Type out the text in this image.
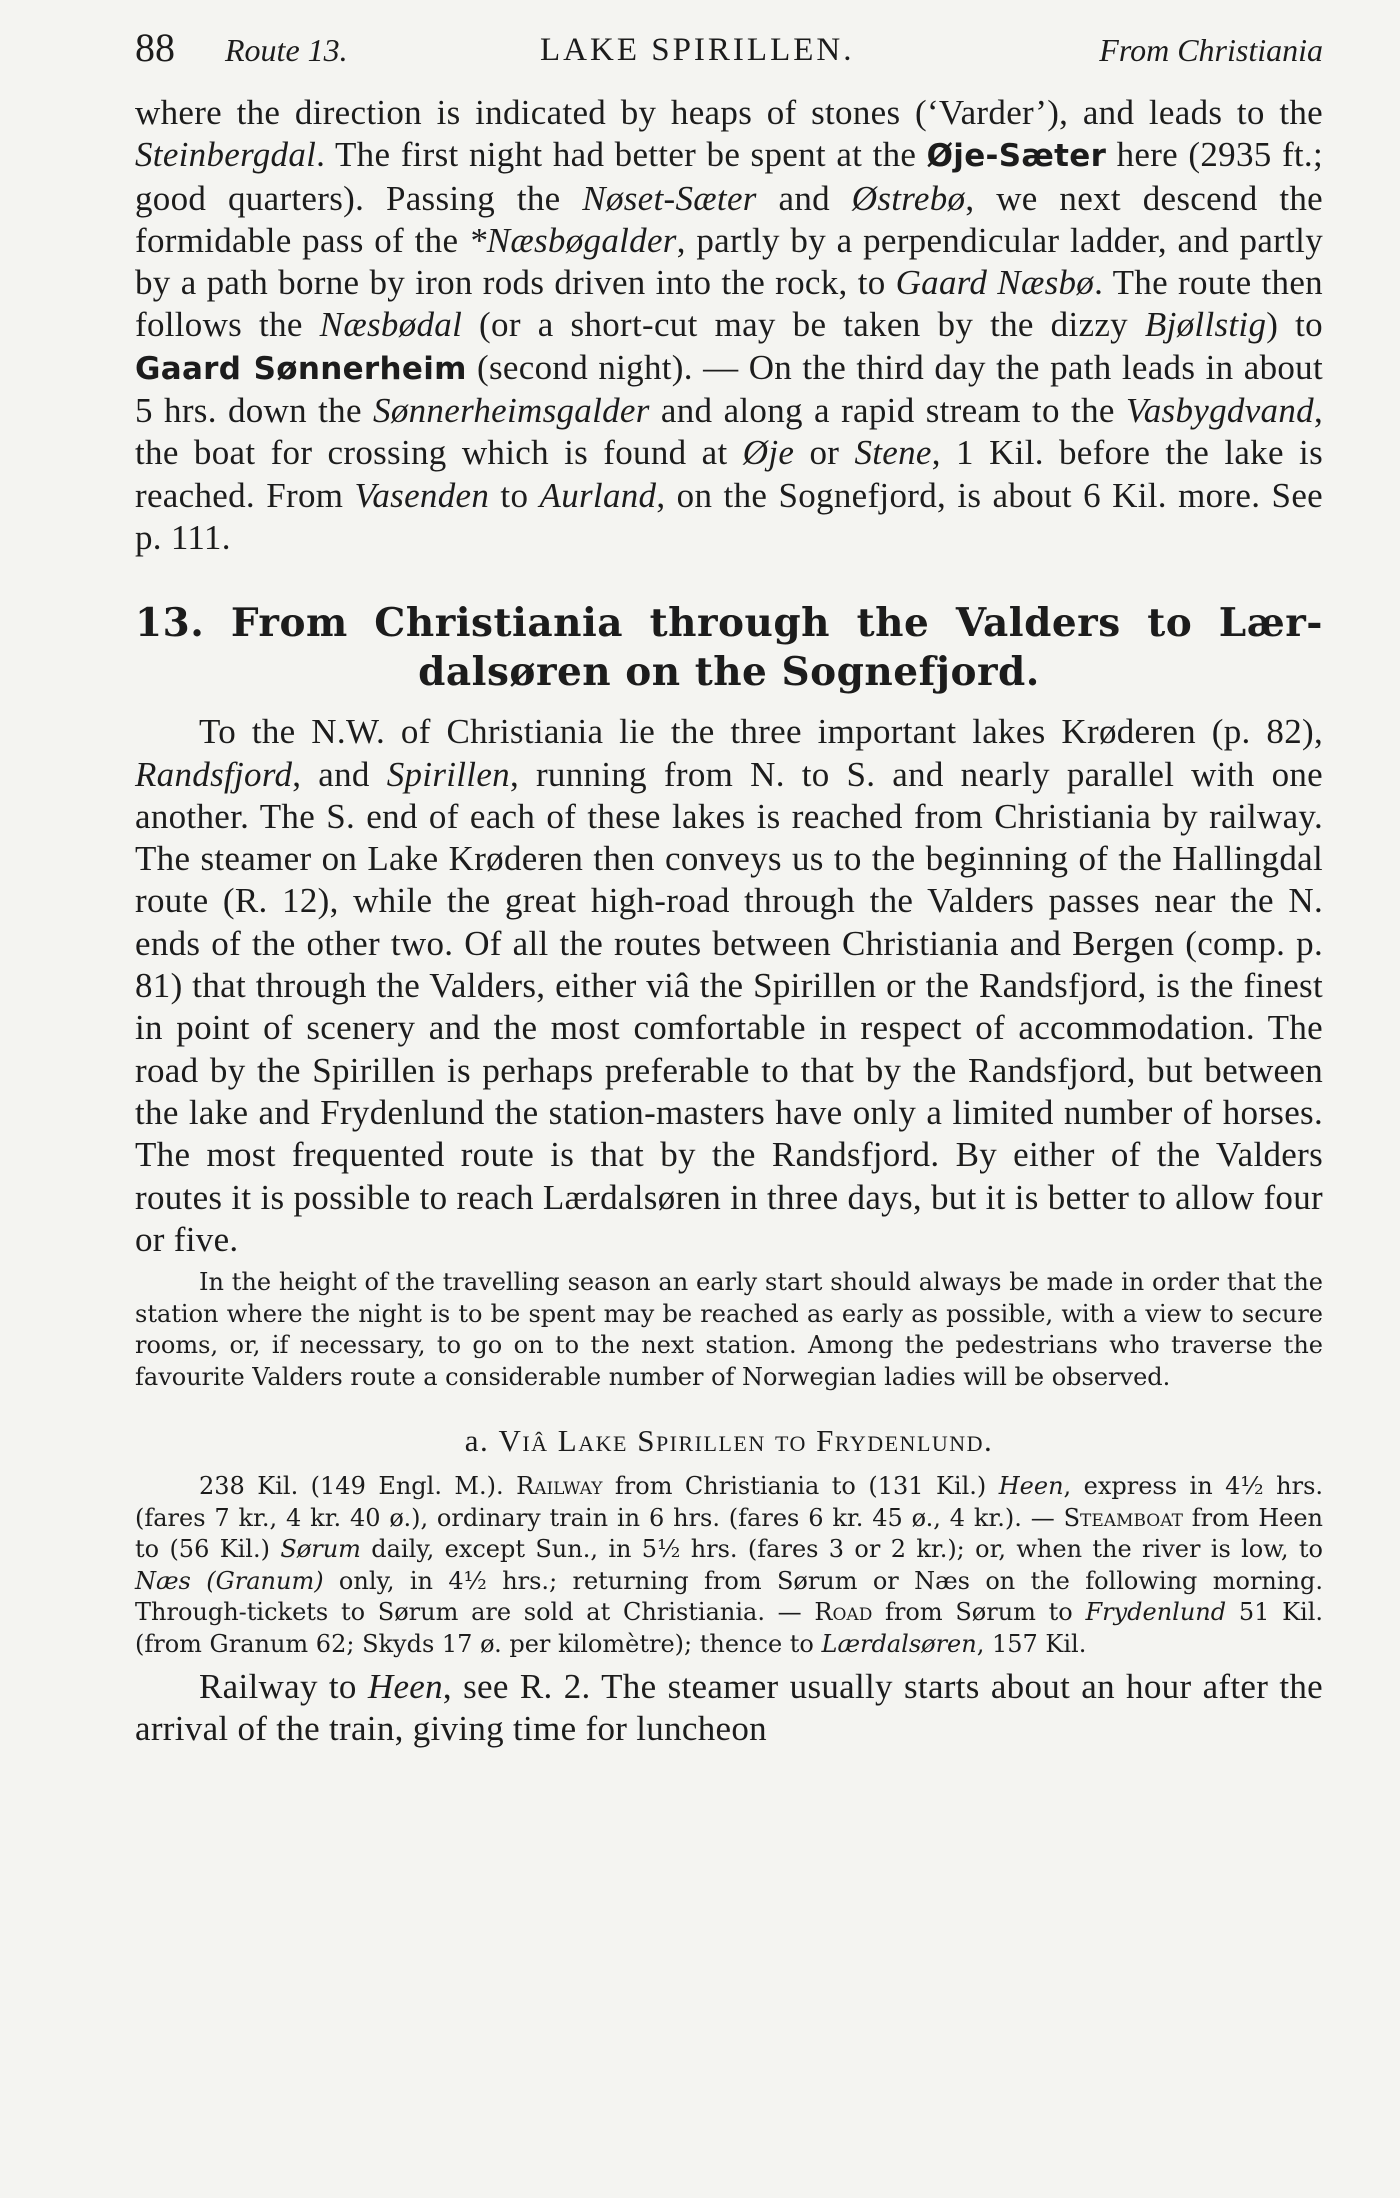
88 Route 13.	LAKE SPIRILLEN.	From Christiania

where the direction is indicated by heaps of stones (‘Varder’), and leads to the Steinbergdal. The first night had better be spent at the Øje-Sæter here (2935 ft.; good quarters). Passing the Nøset-Sæter and Østrebø, we next descend the formidable pass of the *Næsbøgalder, partly by a perpendicular ladder, and partly by a path borne by iron rods driven into the rock, to Gaard Næsbø. The route then follows the Næsbødal (or a short-cut may be taken by the dizzy Bjøllstig) to Gaard Sønnerheim (second night). — On the third day the path leads in about 5 hrs. down the Sønnerheimsgalder and along a rapid stream to the Vasbygdvand, the boat for crossing which is found at Øje or Stene, 1 Kil. before the lake is reached. From Vasenden to Aurland, on the Sognefjord, is about 6 Kil. more. See p. 111.

13. From Christiania through the Valders to Lær-
dalsøren on the Sognefjord.

To the N.W. of Christiania lie the three important lakes Krøderen (p. 82), Randsfjord, and Spirillen, running from N. to S. and nearly parallel with one another. The S. end of each of these lakes is reached from Christiania by railway. The steamer on Lake Krøderen then conveys us to the beginning of the Hallingdal route (R. 12), while the great high-road through the Valders passes near the N. ends of the other two. Of all the routes between Christiania and Bergen (comp. p. 81) that through the Valders, either viâ the Spirillen or the Randsfjord, is the finest in point of scenery and the most comfortable in respect of accommodation. The road by the Spirillen is perhaps preferable to that by the Randsfjord, but between the lake and Frydenlund the station-masters have only a limited number of horses. The most frequented route is that by the Randsfjord. By either of the Valders routes it is possible to reach Lærdalsøren in three days, but it is better to allow four or five.

In the height of the travelling season an early start should always be made in order that the station where the night is to be spent may be reached as early as possible, with a view to secure rooms, or, if necessary, to go on to the next station. Among the pedestrians who traverse the favourite Valders route a considerable number of Norwegian ladies will be observed.

a. Viâ Lake Spirillen to Frydenlund.

238 Kil. (149 Engl. M.). Railway from Christiania to (131 Kil.) Heen, express in 4½ hrs. (fares 7 kr., 4 kr. 40 ø.), ordinary train in 6 hrs. (fares 6 kr. 45 ø., 4 kr.). — Steamboat from Heen to (56 Kil.) Sørum daily, except Sun., in 5½ hrs. (fares 3 or 2 kr.); or, when the river is low, to Næs (Granum) only, in 4½ hrs.; returning from Sørum or Næs on the following morning. Through-tickets to Sørum are sold at Christiania. — Road from Sørum to Frydenlund 51 Kil. (from Granum 62; Skyds 17 ø. per kilomètre); thence to Lærdalsøren, 157 Kil.

Railway to Heen, see R. 2. The steamer usually starts about an hour after the arrival of the train, giving time for luncheon
